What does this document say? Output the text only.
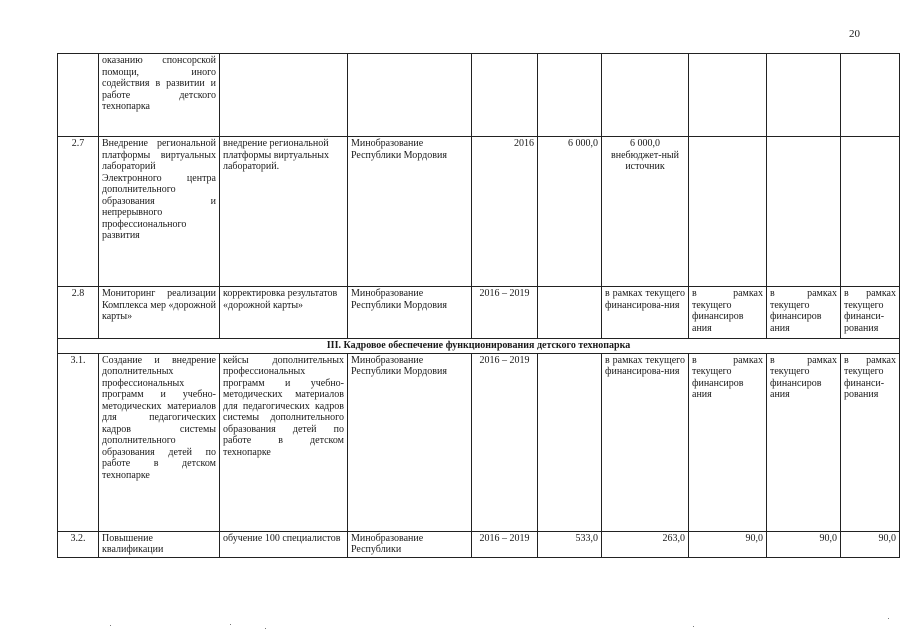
20
	оказанию спонсорской помощи, иного содействия в развитии и работе детского технопарка								
2.7	Внедрение региональной платформы виртуальных лабораторий Электронного центра дополнительного образования и непрерывного профессионального развития	внедрение региональной платформы виртуальных лабораторий.	Минобразование Республики Мордовия	2016	6 000,0	6 000,0 внебюджет-ный источник			
2.8	Мониторинг реализации Комплекса мер «дорожной карты»	корректировка результатов «дорожной карты»	Минобразование Республики Мордовия	2016 – 2019		в рамках текущего финансирова-ния	в рамках текущего финансиров ания	в рамках текущего финансиров ания	в рамках текущего финанси-рования
III. Кадровое обеспечение функционирования детского технопарка									
3.1.	Создание и внедрение дополнительных профессиональных программ и учебно-методических материалов для педагогических кадров системы дополнительного образования детей по работе в детском технопарке	кейсы дополнительных профессиональных программ и учебно-методических материалов для педагогических кадров системы дополнительного образования детей по работе в детском технопарке	Минобразование Республики Мордовия	2016 – 2019		в рамках текущего финансирова-ния	в рамках текущего финансиров ания	в рамках текущего финансиров ания	в рамках текущего финанси-рования
3.2.	Повышение квалификации	обучение 100 специалистов	Минобразование Республики	2016 – 2019	533,0	263,0	90,0	90,0	90,0
